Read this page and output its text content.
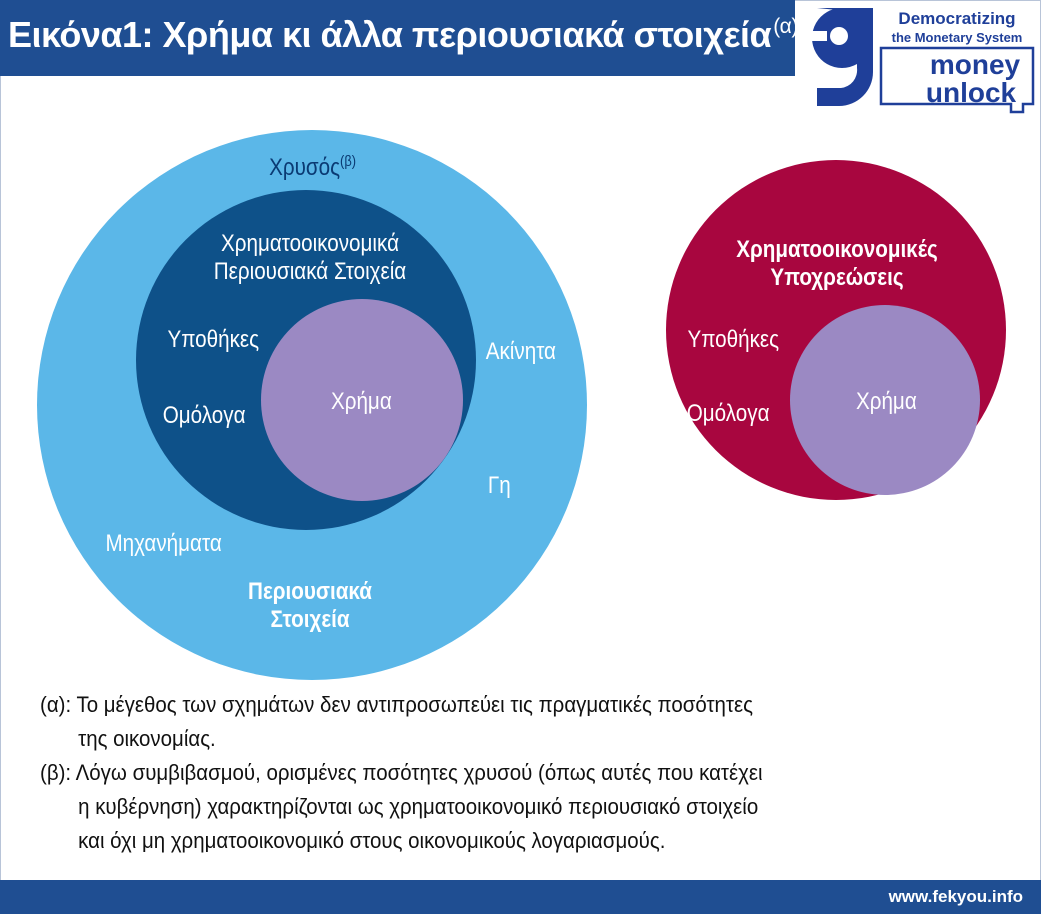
Εικόνα1: Χρήμα κι άλλα περιουσιακά στοιχεία$^{(\alpha)}$	Democratizing
the Monetary System
money
unlock
Χρυσός$^{(\beta)}$
Χρηματοοικονομικά
Περιουσιακά Στοιχεία
Υποθήκες
Ομόλογα
Χρήμα
Ακίνητα
Γη
Μηχανήματα
Περιουσιακά
Στοιχεία
Χρηματοοικονομικές
Υποχρεώσεις
Υποθήκες
Ομόλογα	Χρήμα
(α): Το μέγεθος των σχημάτων δεν αντιπροσωπεύει τις πραγματικές ποσότητες
της οικονομίας.
(β): Λόγω συμβιβασμού, ορισμένες ποσότητες χρυσού (όπως αυτές που κατέχει
η κυβέρνηση) χαρακτηρίζονται ως χρηματοοικονομικό περιουσιακό στοιχείο
και όχι μη χρηματοοικονομικό στους οικονομικούς λογαριασμούς.
www.fekyou.info
